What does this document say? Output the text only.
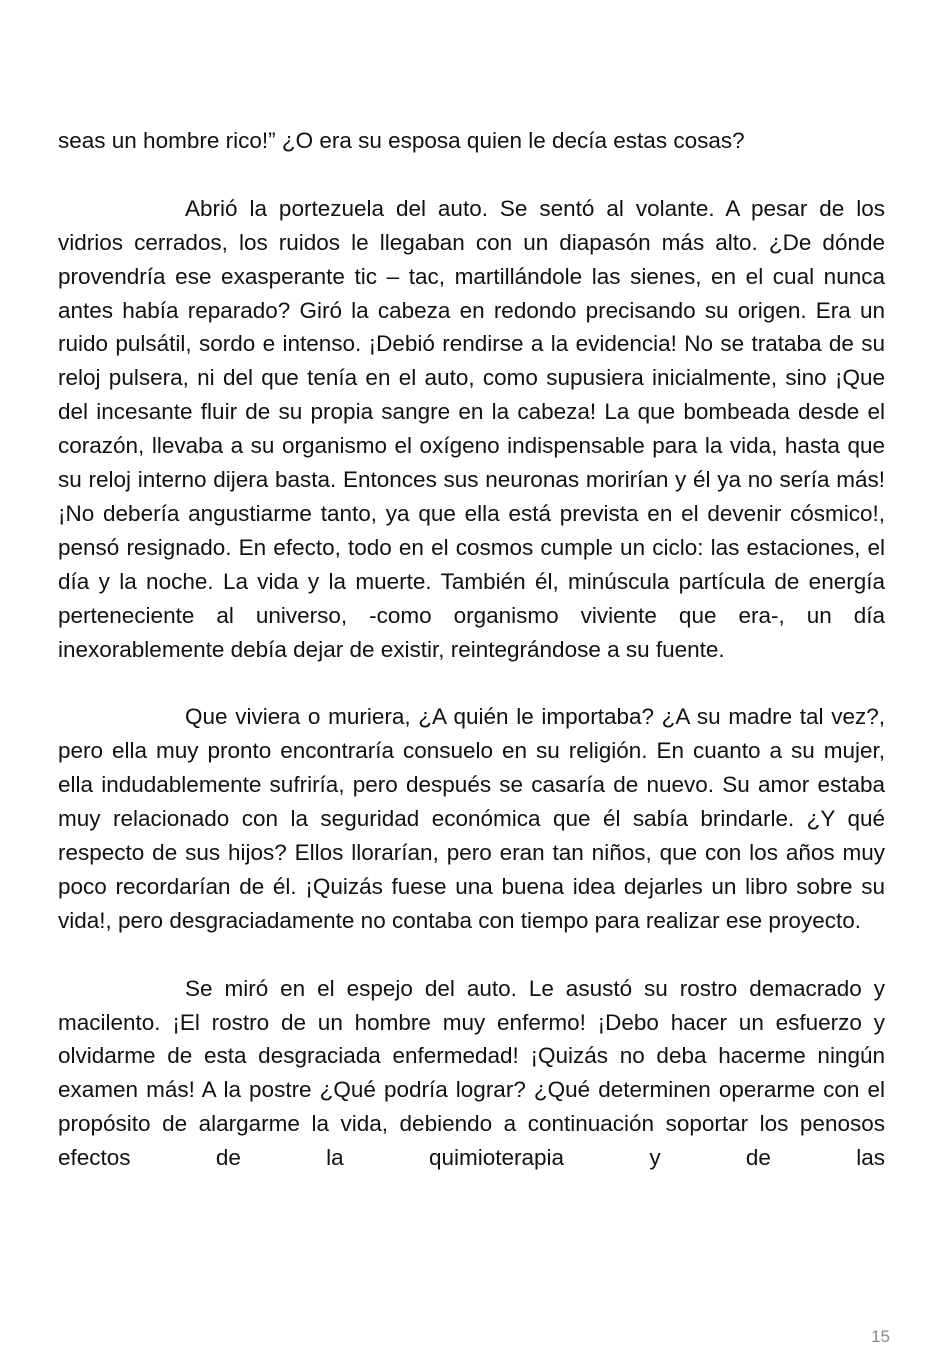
seas un hombre rico!” ¿O era su esposa quien le decía estas cosas?

Abrió la portezuela del auto. Se sentó al volante. A pesar de los vidrios cerrados, los ruidos le llegaban con un diapasón más alto. ¿De dónde provendría ese exasperante tic – tac, martillándole las sienes, en el cual nunca antes había reparado? Giró la cabeza en redondo precisando su origen. Era un ruido pulsátil, sordo e intenso. ¡Debió rendirse a la evidencia! No se trataba de su reloj pulsera, ni del que tenía en el auto, como supusiera inicialmente, sino ¡Que del incesante fluir de su propia sangre en la cabeza! La que bombeada desde el corazón, llevaba a su organismo el oxígeno indispensable para la vida, hasta que su reloj interno dijera basta. Entonces sus neuronas morirían y él ya no sería más! ¡No debería angustiarme tanto, ya que ella está prevista en el devenir cósmico!, pensó resignado. En efecto, todo en el cosmos cumple un ciclo: las estaciones, el día y la noche. La vida y la muerte. También él, minúscula partícula de energía perteneciente al universo, -como organismo viviente que era-, un día inexorablemente debía dejar de existir, reintegrándose a su fuente.

Que viviera o muriera, ¿A quién le importaba? ¿A su madre tal vez?, pero ella muy pronto encontraría consuelo en su religión. En cuanto a su mujer, ella indudablemente sufriría, pero después se casaría de nuevo. Su amor estaba muy relacionado con la seguridad económica que él sabía brindarle. ¿Y qué respecto de sus hijos? Ellos llorarían, pero eran tan niños, que con los años muy poco recordarían de él. ¡Quizás fuese una buena idea dejarles un libro sobre su vida!, pero desgraciadamente no contaba con tiempo para realizar ese proyecto.

Se miró en el espejo del auto. Le asustó su rostro demacrado y macilento. ¡El rostro de un hombre muy enfermo! ¡Debo hacer un esfuerzo y olvidarme de esta desgraciada enfermedad! ¡Quizás no deba hacerme ningún examen más! A la postre ¿Qué podría lograr? ¿Qué determinen operarme con el propósito de alargarme la vida, debiendo a continuación soportar los penosos efectos de la quimioterapia y de las

15
